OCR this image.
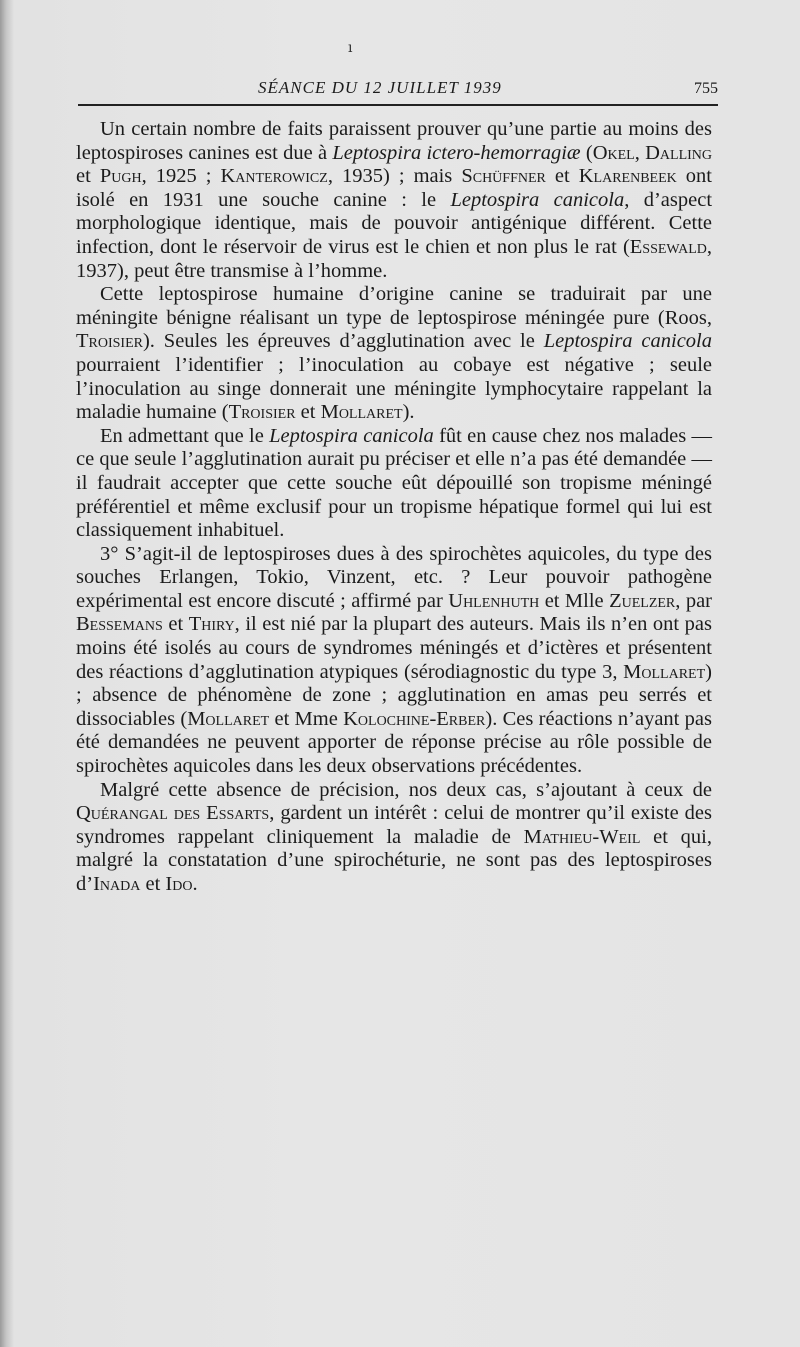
ı
SÉANCE DU 12 JUILLET 1939	755

Un certain nombre de faits paraissent prouver qu’une partie au moins des leptospiroses canines est due à Leptospira ictero-hemorragiæ (Okel, Dalling et Pugh, 1925 ; Kanterowicz, 1935) ; mais Schüffner et Klarenbeek ont isolé en 1931 une souche canine : le Leptospira canicola, d’aspect morphologique identique, mais de pouvoir antigénique différent. Cette infection, dont le réservoir de virus est le chien et non plus le rat (Essewald, 1937), peut être transmise à l’homme.

Cette leptospirose humaine d’origine canine se traduirait par une méningite bénigne réalisant un type de leptospirose méningée pure (Roos, Troisier). Seules les épreuves d’agglutination avec le Leptospira canicola pourraient l’identifier ; l’inoculation au cobaye est négative ; seule l’inoculation au singe donnerait une méningite lymphocytaire rappelant la maladie humaine (Troisier et Mollaret).

En admettant que le Leptospira canicola fût en cause chez nos malades — ce que seule l’agglutination aurait pu préciser et elle n’a pas été demandée — il faudrait accepter que cette souche eût dépouillé son tropisme méningé préférentiel et même exclusif pour un tropisme hépatique formel qui lui est classiquement inhabituel.

3° S’agit-il de leptospiroses dues à des spirochètes aquicoles, du type des souches Erlangen, Tokio, Vinzent, etc. ? Leur pouvoir pathogène expérimental est encore discuté ; affirmé par Uhlenhuth et Mlle Zuelzer, par Bessemans et Thiry, il est nié par la plupart des auteurs. Mais ils n’en ont pas moins été isolés au cours de syndromes méningés et d’ictères et présentent des réactions d’agglutination atypiques (sérodiagnostic du type 3, Mollaret) ; absence de phénomène de zone ; agglutination en amas peu serrés et dissociables (Mollaret et Mme Kolochine-Erber). Ces réactions n’ayant pas été demandées ne peuvent apporter de réponse précise au rôle possible de spirochètes aquicoles dans les deux observations précédentes.

Malgré cette absence de précision, nos deux cas, s’ajoutant à ceux de Quérangal des Essarts, gardent un intérêt : celui de montrer qu’il existe des syndromes rappelant cliniquement la maladie de Mathieu-Weil et qui, malgré la constatation d’une spirochéturie, ne sont pas des leptospiroses d’Inada et Ido.
